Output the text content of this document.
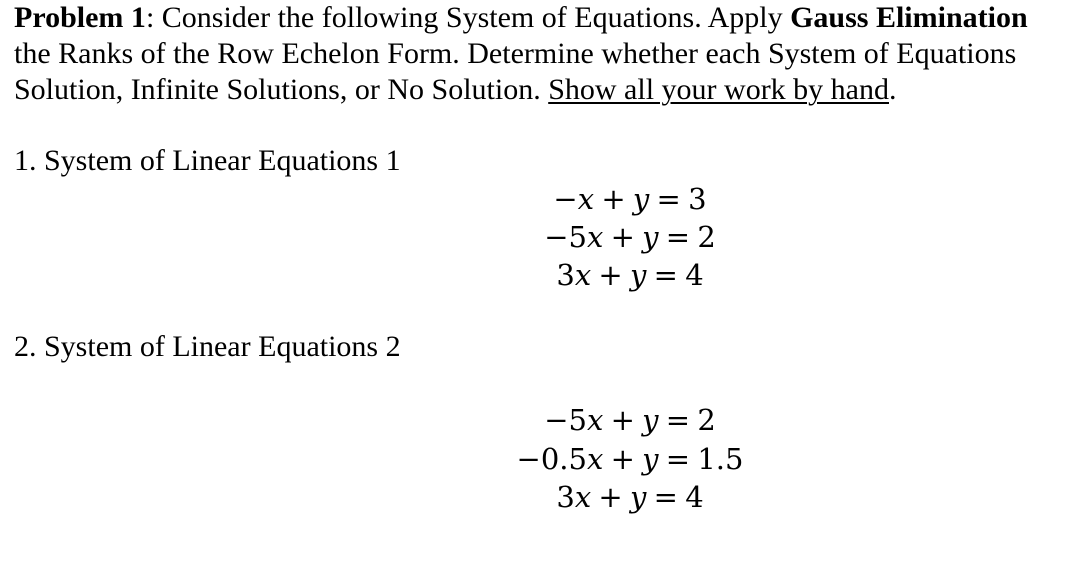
Problem 1: Consider the following System of Equations. Apply Gauss Elimination
the Ranks of the Row Echelon Form. Determine whether each System of Equations
Solution, Infinite Solutions, or No Solution. Show all your work by hand.
1. System of Linear Equations 1
−x + y = 3
−5x + y = 2
3x + y = 4
2. System of Linear Equations 2
−5x + y = 2
−0.5x + y = 1.5
3x + y = 4
